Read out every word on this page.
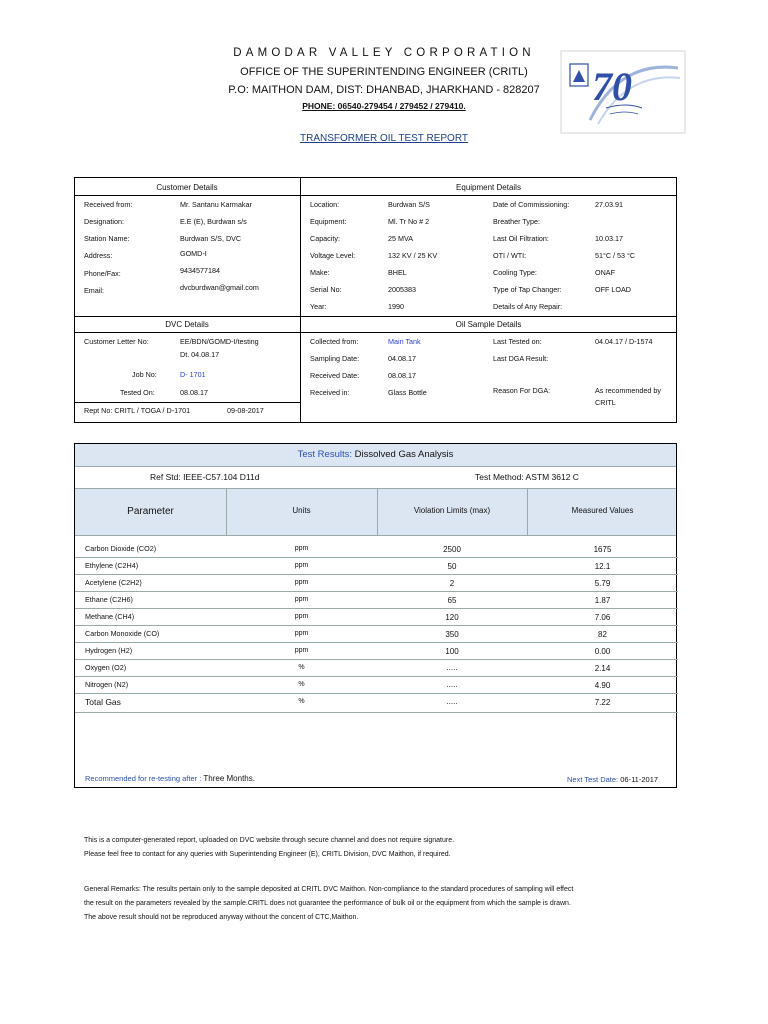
DAMODAR VALLEY CORPORATION
OFFICE OF THE SUPERINTENDING ENGINEER (CRITL)
P.O: MAITHON DAM, DIST: DHANBAD, JHARKHAND - 828207
PHONE: 06540-279454 / 279452 / 279410.
TRANSFORMER OIL TEST REPORT
70
Customer Details	Equipment Details
DVC Details	Oil Sample Details
Received from:	Mr. Santanu Karmakar
Designation:	E.E (E), Burdwan s/s
Station Name:	Burdwan S/S, DVC
Address:	GOMD-I
Phone/Fax:	9434577184
Email:	dvcburdwan@gmail.com
Location:	Burdwan S/S
Equipment:	Ml. Tr No # 2
Capacity:	25 MVA
Voltage Level:	132 KV / 25 KV
Make:	BHEL
Serial No:	2005383
Year:	1990
Date of Commissioning:	27.03.91
Breather Type:
Last Oil Filtration:	10.03.17
OTI / WTI:	51°C / 53 °C
Cooling Type:	ONAF
Type of Tap Changer:	OFF LOAD
Details of Any Repair:
Customer Letter No:	EE/BDN/GOMD-I/testing
Dt. 04.08.17
Job No:	D- 1701
Tested On:	08.08.17
Rept No: CRITL / TOGA / D-1701	09-08-2017
Collected from:	Main Tank
Sampling Date:	04.08.17
Received Date:	08.08.17
Received in:	Glass Bottle
Last Tested on:	04.04.17 / D-1574
Last DGA Result:
Reason For DGA:	As recommended by
CRITL
Test Results: Dissolved Gas Analysis
Ref Std: IEEE-C57.104 D11d	Test Method: ASTM 3612 C
Parameter	Units	Violation Limits (max)	Measured Values
Carbon Dioxide (CO2)	ppm	2500	1675
Ethylene (C2H4)	ppm	50	12.1
Acetylene (C2H2)	ppm	2	5.79
Ethane (C2H6)	ppm	65	1.87
Methane (CH4)	ppm	120	7.06
Carbon Monoxide (CO)	ppm	350	82
Hydrogen (H2)	ppm	100	0.00
Oxygen (O2)	%	.....	2.14
Nitrogen (N2)	%	.....	4.90
Total Gas	%	.....	7.22
Recommended for re-testing after : Three Months.	Next Test Date: 06-11-2017
This is a computer-generated report, uploaded on DVC website through secure channel and does not require signature.
Please feel free to contact for any queries with Superintending Engineer (E), CRITL Division, DVC Maithon, if required.
General Remarks: The results pertain only to the sample deposited at CRITL DVC Maithon. Non-compliance to the standard procedures of sampling will effect
the result on the parameters revealed by the sample.CRITL does not guarantee the performance of bulk oil or the equipment from which the sample is drawn.
The above result should not be reproduced anyway without the concent of CTC,Maithon.
